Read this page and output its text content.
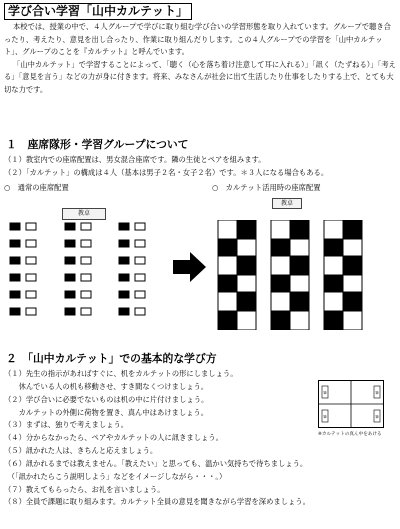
学び合い学習「山中カルテット」

本校では、授業の中で、４人グループで学びに取り組む学び合いの学習形態を取り入れています。グループで聴き合ったり、考えたり、意見を出し合ったり、作業に取り組んだりします。この４人グループでの学習を「山中カルテット」、グループのことを『カルテット』と呼んでいます。

「山中カルテット」で学習することによって、「聴く（心を落ち着け注意して耳に入れる）」「訊く（たずねる）」「考える」「意見を言う」などの力が身に付きます。将来、みなさんが社会に出て生活したり仕事をしたりする上で、とても大切な力です。

１　座席隊形・学習グループについて
（１）教室内での座席配置は、男女混合座席です。隣の生徒とペアを組みます。
（２）「カルテット」の構成は４人（基本は男子２名・女子２名）です。＊３人になる場合もある。
○　通常の座席配置	○　カルテット活用時の座席配置
教卓
教卓
２　「山中カルテット」での基本的な学び方
（１）先生の指示があればすぐに、机をカルテットの形にしましょう。
　　休んでいる人の机も移動させ、すき間なくつけましょう。
（２）学び合いに必要でないものは机の中に片付けましょう。
　　カルテットの外側に荷物を置き、真ん中はあけましょう。
（３）まずは、独りで考えましょう。
（４）分からなかったら、ペアやカルテットの人に訊きましょう。
（５）訊かれた人は、きちんと応えましょう。
（６）訊かれるまでは教えません。「教えたい」と思っても、温かい気持ちで待ちましょう。
　（「訊かれたらこう説明しよう」などをイメージしながら・・・。）
（７）教えてもらったら、お礼を言いましょう。
（８）全員で課題に取り組みます。カルテット全員の意見を聞きながら学習を深めましょう。
筆	筆
筆	筆
※カルテットの真ん中をあける
